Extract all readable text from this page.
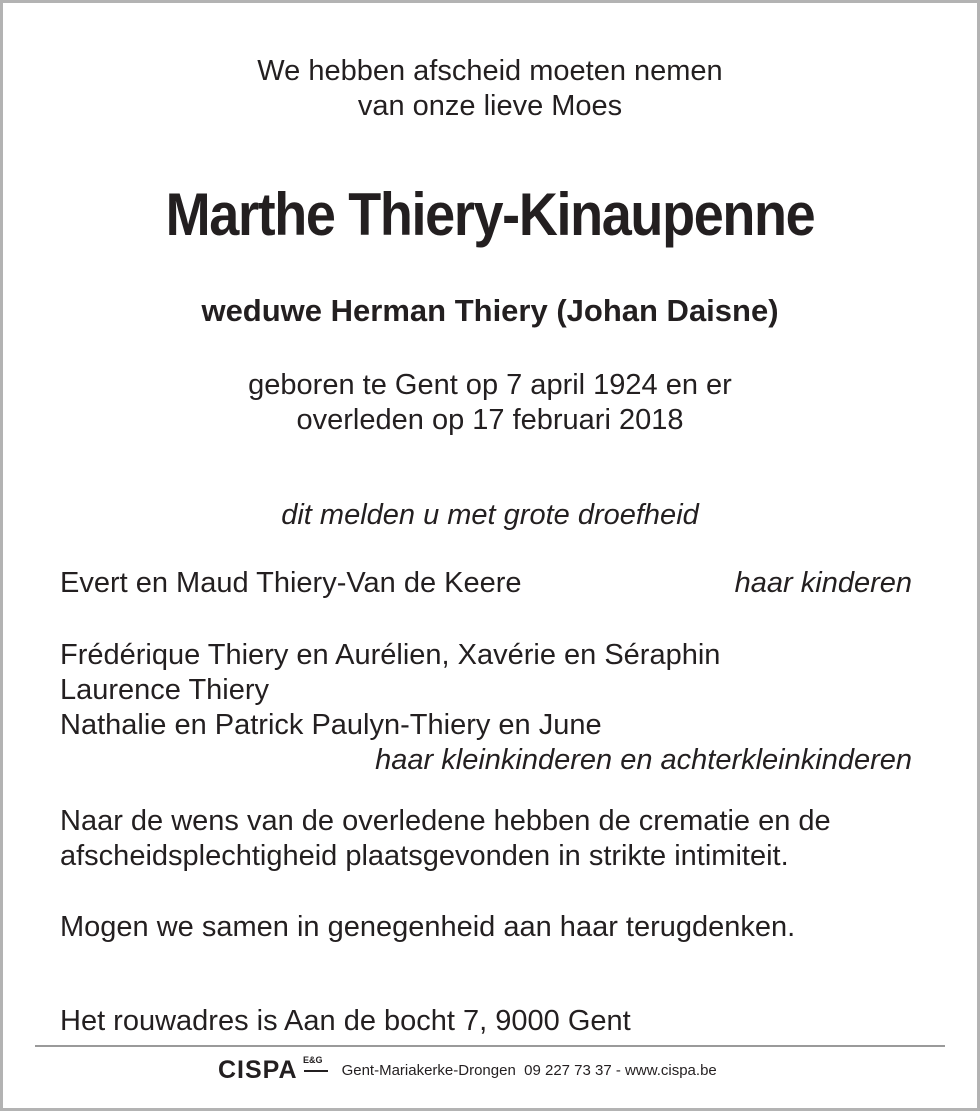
We hebben afscheid moeten nemen
van onze lieve Moes
Marthe Thiery-Kinaupenne
weduwe Herman Thiery (Johan Daisne)
geboren te Gent op 7 april 1924 en er
overleden op 17 februari 2018
dit melden u met grote droefheid
Evert en Maud Thiery-Van de Keere	haar kinderen
Frédérique Thiery en Aurélien, Xavérie en Séraphin
Laurence Thiery
Nathalie en Patrick Paulyn-Thiery en June
haar kleinkinderen en achterkleinkinderen
Naar de wens van de overledene hebben de crematie en de
afscheidsplechtigheid plaatsgevonden in strikte intimiteit.
Mogen we samen in genegenheid aan haar terugdenken.
Het rouwadres is Aan de bocht 7, 9000 Gent
CISPA E&G
Gent-Mariakerke-Drongen  09 227 73 37 - www.cispa.be
